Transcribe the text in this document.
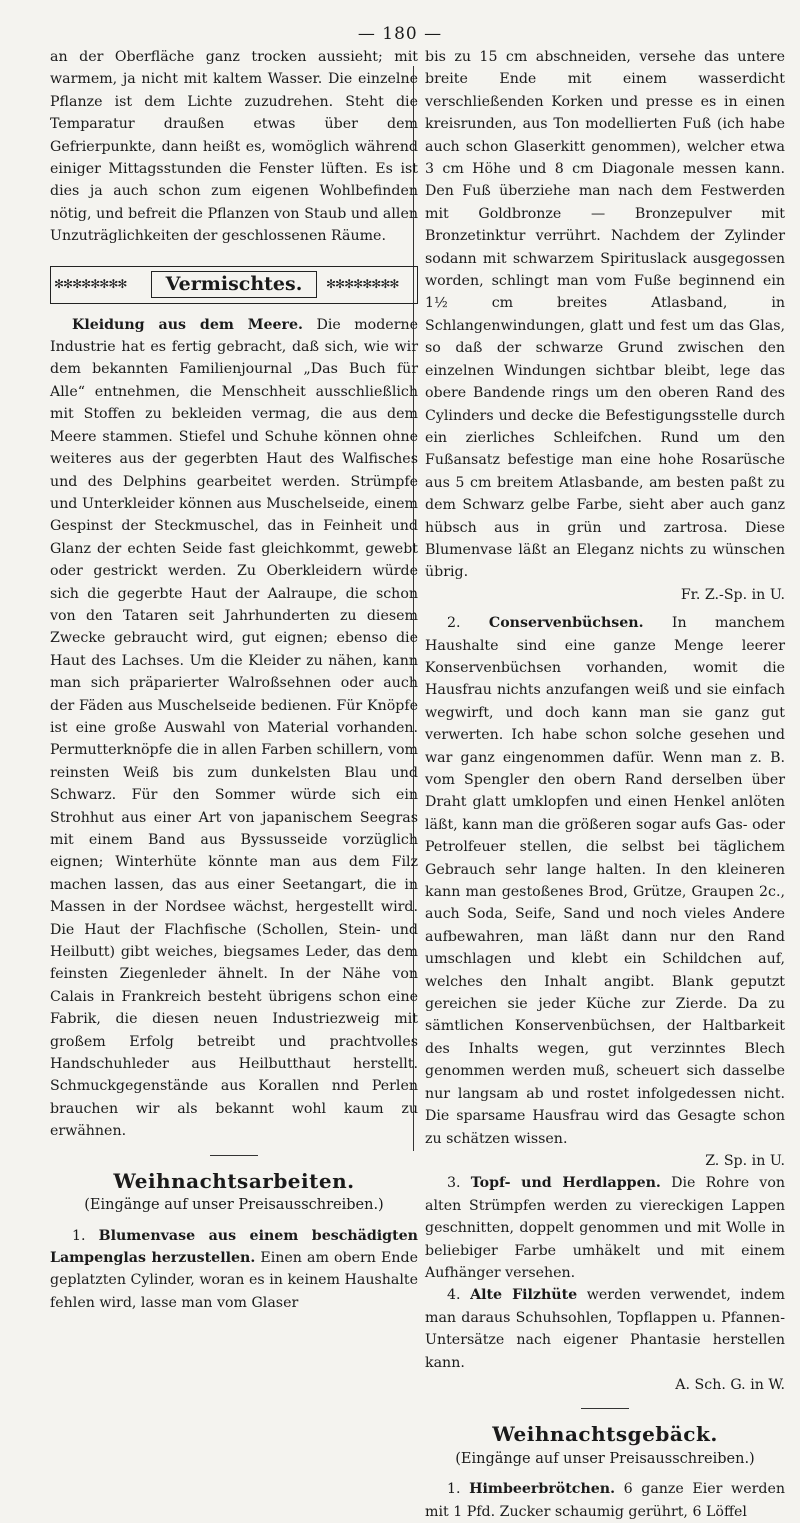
— 180 —

an der Oberfläche ganz trocken aussieht; mit warmem, ja nicht mit kaltem Wasser. Die einzelne Pflanze ist dem Lichte zuzudrehen. Steht die Temparatur draußen etwas über dem Gefrierpunkte, dann heißt es, womöglich während einiger Mittagsstunden die Fenster lüften. Es ist dies ja auch schon zum eigenen Wohlbefinden nötig, und befreit die Pflanzen von Staub und allen Unzuträglichkeiten der geschlossenen Räume.

✻✻✻✻✻✻✻✻	Vermischtes.	✻✻✻✻✻✻✻✻

Kleidung aus dem Meere. Die moderne Industrie hat es fertig gebracht, daß sich, wie wir dem bekannten Familienjournal „Das Buch für Alle“ entnehmen, die Menschheit ausschließlich mit Stoffen zu bekleiden vermag, die aus dem Meere stammen. Stiefel und Schuhe können ohne weiteres aus der gegerbten Haut des Walfisches und des Delphins gearbeitet werden. Strümpfe und Unterkleider können aus Muschelseide, einem Gespinst der Steckmuschel, das in Feinheit und Glanz der echten Seide fast gleichkommt, gewebt oder gestrickt werden. Zu Oberkleidern würde sich die gegerbte Haut der Aalraupe, die schon von den Tataren seit Jahrhunderten zu diesem Zwecke gebraucht wird, gut eignen; ebenso die Haut des Lachses. Um die Kleider zu nähen, kann man sich präparierter Walroßsehnen oder auch der Fäden aus Muschelseide bedienen. Für Knöpfe ist eine große Auswahl von Material vorhanden. Permutterknöpfe die in allen Farben schillern, vom reinsten Weiß bis zum dunkelsten Blau und Schwarz. Für den Sommer würde sich ein Strohhut aus einer Art von japanischem Seegras mit einem Band aus Byssusseide vorzüglich eignen; Winterhüte könnte man aus dem Filz machen lassen, das aus einer Seetangart, die in Massen in der Nordsee wächst, hergestellt wird. Die Haut der Flachfische (Schollen, Stein- und Heilbutt) gibt weiches, biegsames Leder, das dem feinsten Ziegenleder ähnelt. In der Nähe von Calais in Frankreich besteht übrigens schon eine Fabrik, die diesen neuen Industriezweig mit großem Erfolg betreibt und prachtvolles Handschuhleder aus Heilbutthaut herstellt. Schmuckgegenstände aus Korallen nnd Perlen brauchen wir als bekannt wohl kaum zu erwähnen.

Weihnachtsarbeiten.
(Eingänge auf unser Preisausschreiben.)

1. Blumenvase aus einem beschädigten Lampenglas herzustellen. Einen am obern Ende geplatzten Cylinder, woran es in keinem Haushalte fehlen wird, lasse man vom Glaser

bis zu 15 cm abschneiden, versehe das untere breite Ende mit einem wasserdicht verschließenden Korken und presse es in einen kreisrunden, aus Ton modellierten Fuß (ich habe auch schon Glaserkitt genommen), welcher etwa 3 cm Höhe und 8 cm Diagonale messen kann. Den Fuß überziehe man nach dem Festwerden mit Goldbronze — Bronzepulver mit Bronzetinktur verrührt. Nachdem der Zylinder sodann mit schwarzem Spirituslack ausgegossen worden, schlingt man vom Fuße beginnend ein 1½ cm breites Atlasband, in Schlangenwindungen, glatt und fest um das Glas, so daß der schwarze Grund zwischen den einzelnen Windungen sichtbar bleibt, lege das obere Bandende rings um den oberen Rand des Cylinders und decke die Befestigungsstelle durch ein zierliches Schleifchen. Rund um den Fußansatz befestige man eine hohe Rosarüsche aus 5 cm breitem Atlasbande, am besten paßt zu dem Schwarz gelbe Farbe, sieht aber auch ganz hübsch aus in grün und zartrosa. Diese Blumenvase läßt an Eleganz nichts zu wünschen übrig.

Fr. Z.-Sp. in U.

2. Conservenbüchsen. In manchem Haushalte sind eine ganze Menge leerer Konservenbüchsen vorhanden, womit die Hausfrau nichts anzufangen weiß und sie einfach wegwirft, und doch kann man sie ganz gut verwerten. Ich habe schon solche gesehen und war ganz eingenommen dafür. Wenn man z. B. vom Spengler den obern Rand derselben über Draht glatt umklopfen und einen Henkel anlöten läßt, kann man die größeren sogar aufs Gas- oder Petrolfeuer stellen, die selbst bei täglichem Gebrauch sehr lange halten. In den kleineren kann man gestoßenes Brod, Grütze, Graupen 2c., auch Soda, Seife, Sand und noch vieles Andere aufbewahren, man läßt dann nur den Rand umschlagen und klebt ein Schildchen auf, welches den Inhalt angibt. Blank geputzt gereichen sie jeder Küche zur Zierde. Da zu sämtlichen Konservenbüchsen, der Haltbarkeit des Inhalts wegen, gut verzinntes Blech genommen werden muß, scheuert sich dasselbe nur langsam ab und rostet infolgedessen nicht. Die sparsame Hausfrau wird das Gesagte schon zu schätzen wissen.

Z. Sp. in U.

3. Topf- und Herdlappen. Die Rohre von alten Strümpfen werden zu viereckigen Lappen geschnitten, doppelt genommen und mit Wolle in beliebiger Farbe umhäkelt und mit einem Aufhänger versehen.

4. Alte Filzhüte werden verwendet, indem man daraus Schuhsohlen, Topflappen u. Pfannen-Untersätze nach eigener Phantasie herstellen kann.

A. Sch. G. in W.

Weihnachtsgebäck.
(Eingänge auf unser Preisausschreiben.)

1. Himbeerbrötchen. 6 ganze Eier werden mit 1 Pfd. Zucker schaumig gerührt, 6 Löffel
